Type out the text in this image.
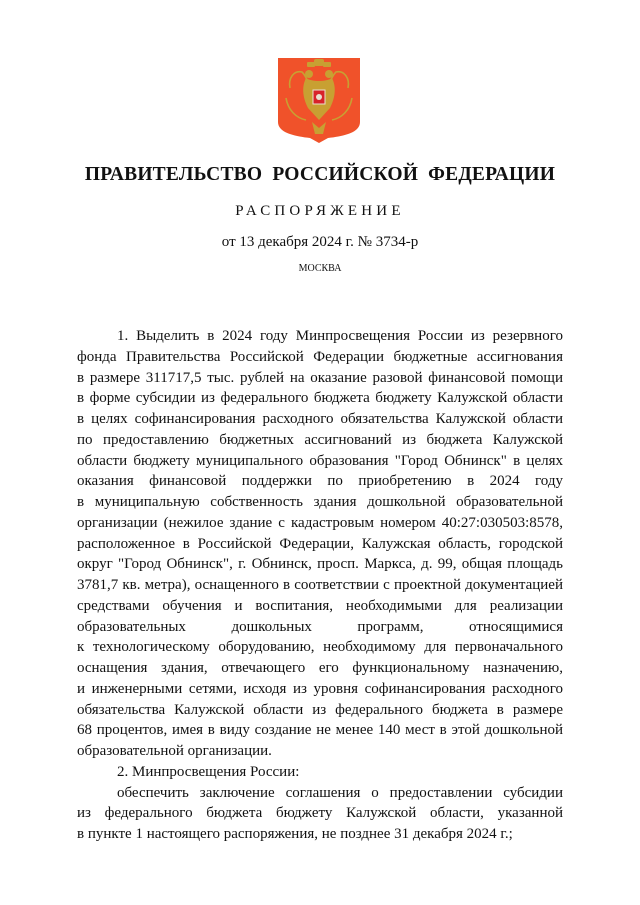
ПРАВИТЕЛЬСТВО РОССИЙСКОЙ ФЕДЕРАЦИИ
РАСПОРЯЖЕНИЕ
от 13 декабря 2024 г. № 3734-р
МОСКВА
1. Выделить в 2024 году Минпросвещения России из резервного
фонда Правительства Российской Федерации бюджетные ассигнования
в размере 311717,5 тыс. рублей на оказание разовой финансовой помощи
в форме субсидии из федерального бюджета бюджету Калужской области
в целях софинансирования расходного обязательства Калужской области
по предоставлению бюджетных ассигнований из бюджета Калужской
области бюджету муниципального образования "Город Обнинск" в целях
оказания финансовой поддержки по приобретению в 2024 году
в муниципальную собственность здания дошкольной образовательной
организации (нежилое здание с кадастровым номером 40:27:030503:8578,
расположенное в Российской Федерации, Калужская область, городской
округ "Город Обнинск", г. Обнинск, просп. Маркса, д. 99, общая площадь
3781,7 кв. метра), оснащенного в соответствии с проектной документацией
средствами обучения и воспитания, необходимыми для реализации
образовательных дошкольных программ, относящимися
к технологическому оборудованию, необходимому для первоначального
оснащения здания, отвечающего его функциональному назначению,
и инженерными сетями, исходя из уровня софинансирования расходного
обязательства Калужской области из федерального бюджета в размере
68 процентов, имея в виду создание не менее 140 мест в этой дошкольной
образовательной организации.
2. Минпросвещения России:
обеспечить заключение соглашения о предоставлении субсидии
из федерального бюджета бюджету Калужской области, указанной
в пункте 1 настоящего распоряжения, не позднее 31 декабря 2024 г.;
